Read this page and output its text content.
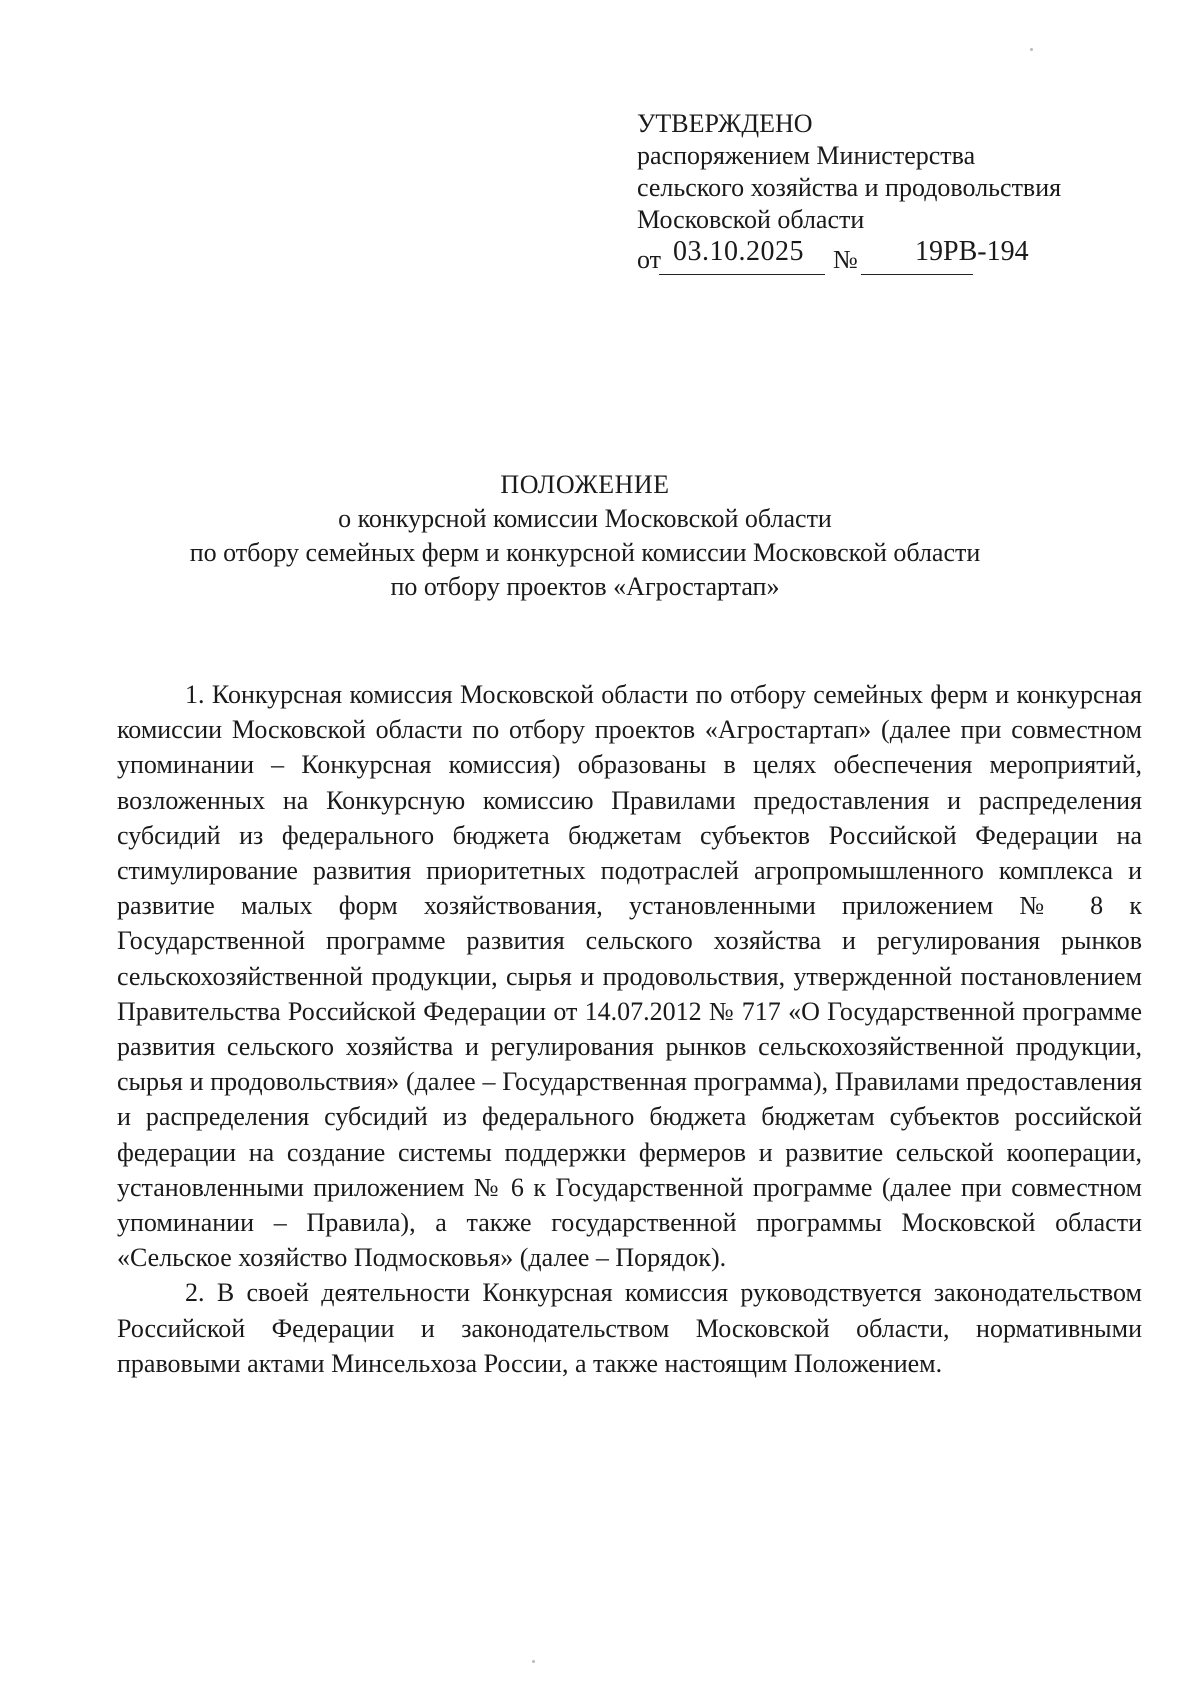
УТВЕРЖДЕНО
распоряжением Министерства
сельского хозяйства и продовольствия
Московской области
от 03.10.2025	№ 19РВ-194
ПОЛОЖЕНИЕ
о конкурсной комиссии Московской области
по отбору семейных ферм и конкурсной комиссии Московской области
по отбору проектов «Агростартап»

1. Конкурсная комиссия Московской области по отбору семейных ферм и конкурсная комиссии Московской области по отбору проектов «Агростартап» (далее при совместном упоминании – Конкурсная комиссия) образованы в целях обеспечения мероприятий, возложенных на Конкурсную комиссию Правилами предоставления и распределения субсидий из федерального бюджета бюджетам субъектов Российской Федерации на стимулирование развития приоритетных подотраслей агропромышленного комплекса и развитие малых форм хозяйствования, установленными приложением № 8 к Государственной программе развития сельского хозяйства и регулирования рынков сельскохозяйственной продукции, сырья и продовольствия, утвержденной постановлением Правительства Российской Федерации от 14.07.2012 № 717 «О Государственной программе развития сельского хозяйства и регулирования рынков сельскохозяйственной продукции, сырья и продовольствия» (далее – Государственная программа), Правилами предоставления и распределения субсидий из федерального бюджета бюджетам субъектов российской федерации на создание системы поддержки фермеров и развитие сельской кооперации, установленными приложением № 6 к Государственной программе (далее при совместном упоминании – Правила), а также государственной программы Московской области «Сельское хозяйство Подмосковья» (далее – Порядок).

2. В своей деятельности Конкурсная комиссия руководствуется законодательством Российской Федерации и законодательством Московской области, нормативными правовыми актами Минсельхоза России, а также настоящим Положением.
